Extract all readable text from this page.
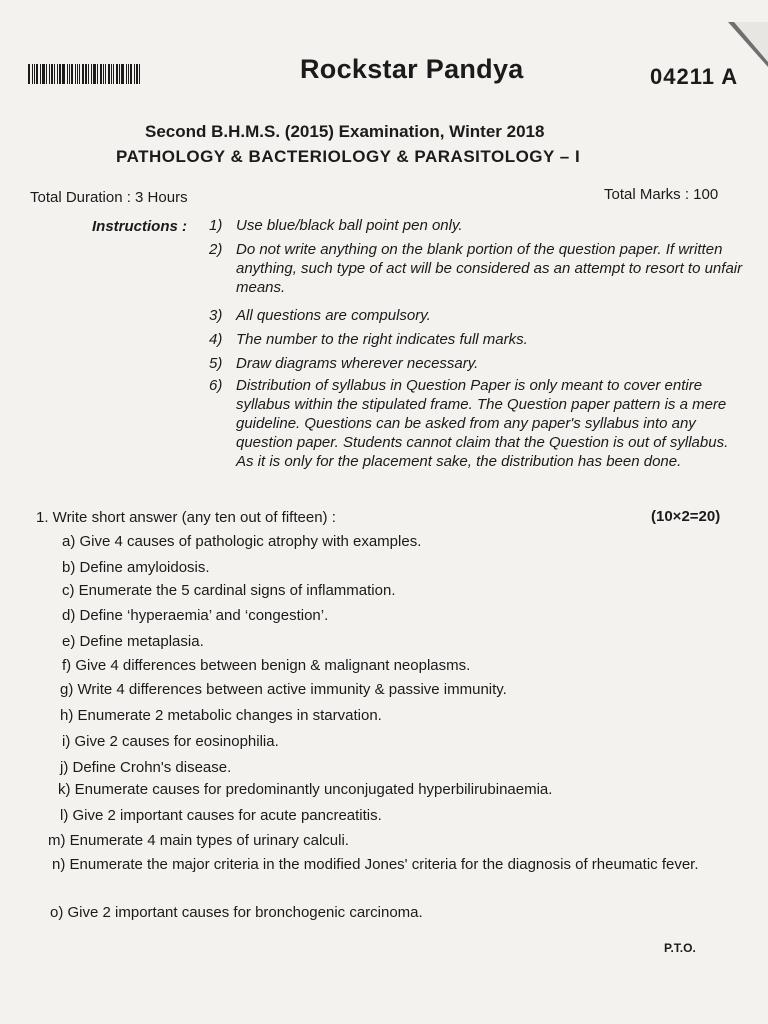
Rockstar Pandya	04211 A
Second B.H.M.S. (2015) Examination, Winter 2018
PATHOLOGY & BACTERIOLOGY & PARASITOLOGY – I
Total Duration : 3 Hours	Total Marks : 100
Instructions : 1) Use blue/black ball point pen only.
2) Do not write anything on the blank portion of the question paper. If written anything, such type of act will be considered as an attempt to resort to unfair means.
3) All questions are compulsory.
4) The number to the right indicates full marks.
5) Draw diagrams wherever necessary.
6) Distribution of syllabus in Question Paper is only meant to cover entire syllabus within the stipulated frame. The Question paper pattern is a mere guideline. Questions can be asked from any paper's syllabus into any question paper. Students cannot claim that the Question is out of syllabus. As it is only for the placement sake, the distribution has been done.
1. Write short answer (any ten out of fifteen) :	(10×2=20)
a) Give 4 causes of pathologic atrophy with examples.
b) Define amyloidosis.
c) Enumerate the 5 cardinal signs of inflammation.
d) Define ‘hyperaemia’ and ‘congestion’.
e) Define metaplasia.
f) Give 4 differences between benign & malignant neoplasms.
g) Write 4 differences between active immunity & passive immunity.
h) Enumerate 2 metabolic changes in starvation.
i) Give 2 causes for eosinophilia.
j) Define Crohn's disease.
k) Enumerate causes for predominantly unconjugated hyperbilirubinaemia.
l) Give 2 important causes for acute pancreatitis.
m) Enumerate 4 main types of urinary calculi.
n) Enumerate the major criteria in the modified Jones' criteria for the diagnosis of rheumatic fever.
o) Give 2 important causes for bronchogenic carcinoma.
P.T.O.
